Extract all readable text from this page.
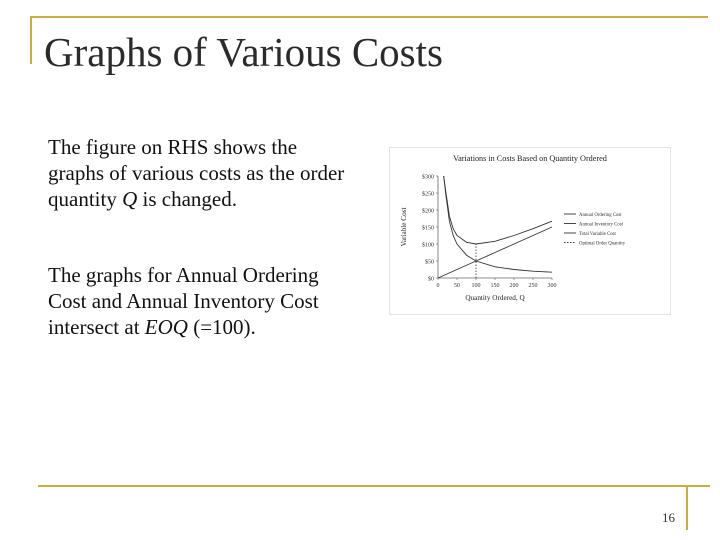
Graphs of Various Costs

The figure on RHS shows the graphs of various costs as the order quantity Q is changed.

The graphs for Annual Ordering Cost and Annual Inventory Cost intersect at EOQ (=100).

Variations in Costs Based on Quantity Ordered
$0
$50
$100
$150
$200
$250
$300
0 50 100 150 200 250 300
Quantity Ordered, Q
Variable Cost	Annual Ordering Cost
Annual Inventory Cost
Total Variable Cost
Optimal Order Quantity
16
